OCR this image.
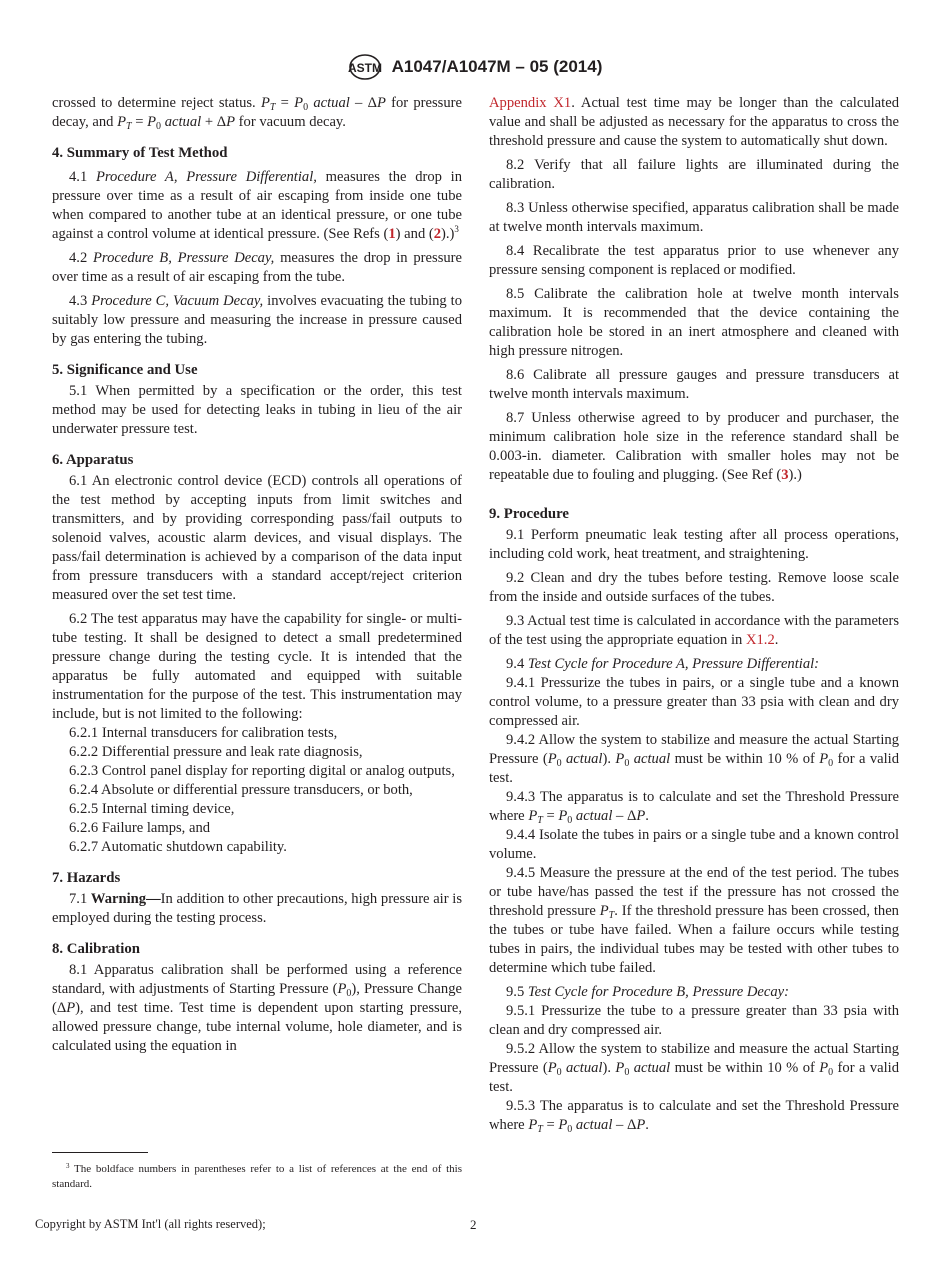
ASTM A1047/A1047M – 05 (2014)
crossed to determine reject status. $P_T = P_0$ actual – ΔP for pressure decay, and $P_T = P_0$ actual + ΔP for vacuum decay.
4. Summary of Test Method
4.1 Procedure A, Pressure Differential, measures the drop in pressure over time as a result of air escaping from inside one tube when compared to another tube at an identical pressure, or one tube against a control volume at identical pressure. (See Refs (1) and (2).)$^3$
4.2 Procedure B, Pressure Decay, measures the drop in pressure over time as a result of air escaping from the tube.
4.3 Procedure C, Vacuum Decay, involves evacuating the tubing to suitably low pressure and measuring the increase in pressure caused by gas entering the tubing.
5. Significance and Use
5.1 When permitted by a specification or the order, this test method may be used for detecting leaks in tubing in lieu of the air underwater pressure test.
6. Apparatus
6.1 An electronic control device (ECD) controls all operations of the test method by accepting inputs from limit switches and transmitters, and by providing corresponding pass/fail outputs to solenoid valves, acoustic alarm devices, and visual displays. The pass/fail determination is achieved by a comparison of the data input from pressure transducers with a standard accept/reject criterion measured over the set test time.
6.2 The test apparatus may have the capability for single- or multi-tube testing. It shall be designed to detect a small predetermined pressure change during the testing cycle. It is intended that the apparatus be fully automated and equipped with suitable instrumentation for the purpose of the test. This instrumentation may include, but is not limited to the following:
6.2.1 Internal transducers for calibration tests,
6.2.2 Differential pressure and leak rate diagnosis,
6.2.3 Control panel display for reporting digital or analog outputs,
6.2.4 Absolute or differential pressure transducers, or both,
6.2.5 Internal timing device,
6.2.6 Failure lamps, and
6.2.7 Automatic shutdown capability.
7. Hazards
7.1 Warning—In addition to other precautions, high pressure air is employed during the testing process.
8. Calibration
8.1 Apparatus calibration shall be performed using a reference standard, with adjustments of Starting Pressure $(P_0)$, Pressure Change (ΔP), and test time. Test time is dependent upon starting pressure, allowed pressure change, tube internal volume, hole diameter, and is calculated using the equation in
Appendix X1. Actual test time may be longer than the calculated value and shall be adjusted as necessary for the apparatus to cross the threshold pressure and cause the system to automatically shut down.
8.2 Verify that all failure lights are illuminated during the calibration.
8.3 Unless otherwise specified, apparatus calibration shall be made at twelve month intervals maximum.
8.4 Recalibrate the test apparatus prior to use whenever any pressure sensing component is replaced or modified.
8.5 Calibrate the calibration hole at twelve month intervals maximum. It is recommended that the device containing the calibration hole be stored in an inert atmosphere and cleaned with high pressure nitrogen.
8.6 Calibrate all pressure gauges and pressure transducers at twelve month intervals maximum.
8.7 Unless otherwise agreed to by producer and purchaser, the minimum calibration hole size in the reference standard shall be 0.003-in. diameter. Calibration with smaller holes may not be repeatable due to fouling and plugging. (See Ref (3).)
9. Procedure
9.1 Perform pneumatic leak testing after all process operations, including cold work, heat treatment, and straightening.
9.2 Clean and dry the tubes before testing. Remove loose scale from the inside and outside surfaces of the tubes.
9.3 Actual test time is calculated in accordance with the parameters of the test using the appropriate equation in X1.2.
9.4 Test Cycle for Procedure A, Pressure Differential:
9.4.1 Pressurize the tubes in pairs, or a single tube and a known control volume, to a pressure greater than 33 psia with clean and dry compressed air.
9.4.2 Allow the system to stabilize and measure the actual Starting Pressure ($P_0$ actual). $P_0$ actual must be within 10 % of $P_0$ for a valid test.
9.4.3 The apparatus is to calculate and set the Threshold Pressure where $P_T = P_0$ actual – ΔP.
9.4.4 Isolate the tubes in pairs or a single tube and a known control volume.
9.4.5 Measure the pressure at the end of the test period. The tubes or tube have/has passed the test if the pressure has not crossed the threshold pressure $P_T$. If the threshold pressure has been crossed, then the tubes or tube have failed. When a failure occurs while testing tubes in pairs, the individual tubes may be tested with other tubes to determine which tube failed.
9.5 Test Cycle for Procedure B, Pressure Decay:
9.5.1 Pressurize the tube to a pressure greater than 33 psia with clean and dry compressed air.
9.5.2 Allow the system to stabilize and measure the actual Starting Pressure ($P_0$ actual). $P_0$ actual must be within 10 % of $P_0$ for a valid test.
9.5.3 The apparatus is to calculate and set the Threshold Pressure where $P_T = P_0$ actual – ΔP.
$^3$ The boldface numbers in parentheses refer to a list of references at the end of this standard.
Copyright by ASTM Int'l (all rights reserved);	2
